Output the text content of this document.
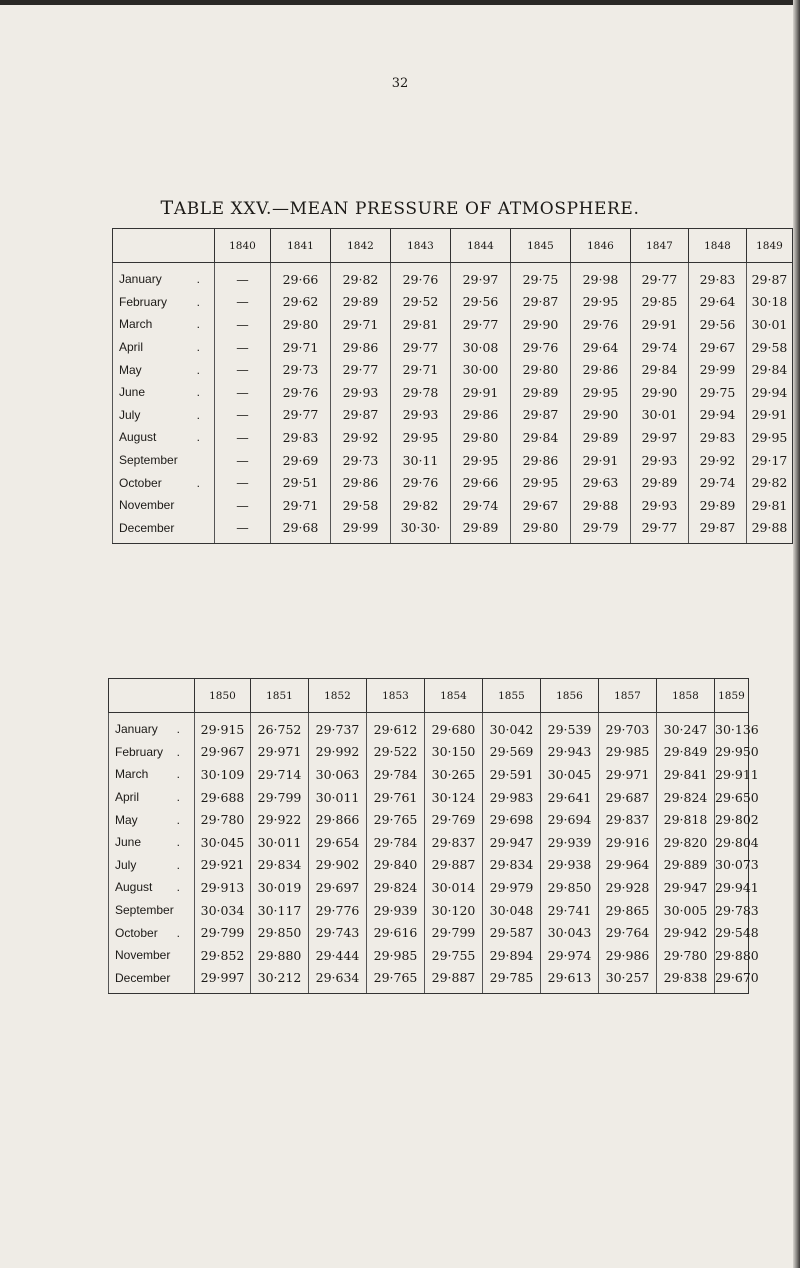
32
TABLE XXV.—MEAN PRESSURE OF ATMOSPHERE.
	1840	1841	1842	1843	1844	1845	1846	1847	1848	1849
January .	—	29·66	29·82	29·76	29·97	29·75	29·98	29·77	29·83	29·87
February .	—	29·62	29·89	29·52	29·56	29·87	29·95	29·85	29·64	30·18
March .	—	29·80	29·71	29·81	29·77	29·90	29·76	29·91	29·56	30·01
April .	—	29·71	29·86	29·77	30·08	29·76	29·64	29·74	29·67	29·58
May .	—	29·73	29·77	29·71	30·00	29·80	29·86	29·84	29·99	29·84
June .	—	29·76	29·93	29·78	29·91	29·89	29·95	29·90	29·75	29·94
July .	—	29·77	29·87	29·93	29·86	29·87	29·90	30·01	29·94	29·91
August .	—	29·83	29·92	29·95	29·80	29·84	29·89	29·97	29·83	29·95
September	—	29·69	29·73	30·11	29·95	29·86	29·91	29·93	29·92	29·17
October .	—	29·51	29·86	29·76	29·66	29·95	29·63	29·89	29·74	29·82
November	—	29·71	29·58	29·82	29·74	29·67	29·88	29·93	29·89	29·81
December	—	29·68	29·99	30·30·	29·89	29·80	29·79	29·77	29·87	29·88
	1850	1851	1852	1853	1854	1855	1856	1857	1858	1859
January .	29·915	26·752	29·737	29·612	29·680	30·042	29·539	29·703	30·247	30·136
February .	29·967	29·971	29·992	29·522	30·150	29·569	29·943	29·985	29·849	29·950
March .	30·109	29·714	30·063	29·784	30·265	29·591	30·045	29·971	29·841	29·911
April .	29·688	29·799	30·011	29·761	30·124	29·983	29·641	29·687	29·824	29·650
May .	29·780	29·922	29·866	29·765	29·769	29·698	29·694	29·837	29·818	29·802
June .	30·045	30·011	29·654	29·784	29·837	29·947	29·939	29·916	29·820	29·804
July .	29·921	29·834	29·902	29·840	29·887	29·834	29·938	29·964	29·889	30·073
August .	29·913	30·019	29·697	29·824	30·014	29·979	29·850	29·928	29·947	29·941
September	30·034	30·117	29·776	29·939	30·120	30·048	29·741	29·865	30·005	29·783
October .	29·799	29·850	29·743	29·616	29·799	29·587	30·043	29·764	29·942	29·548
November	29·852	29·880	29·444	29·985	29·755	29·894	29·974	29·986	29·780	29·880
December	29·997	30·212	29·634	29·765	29·887	29·785	29·613	30·257	29·838	29·670
